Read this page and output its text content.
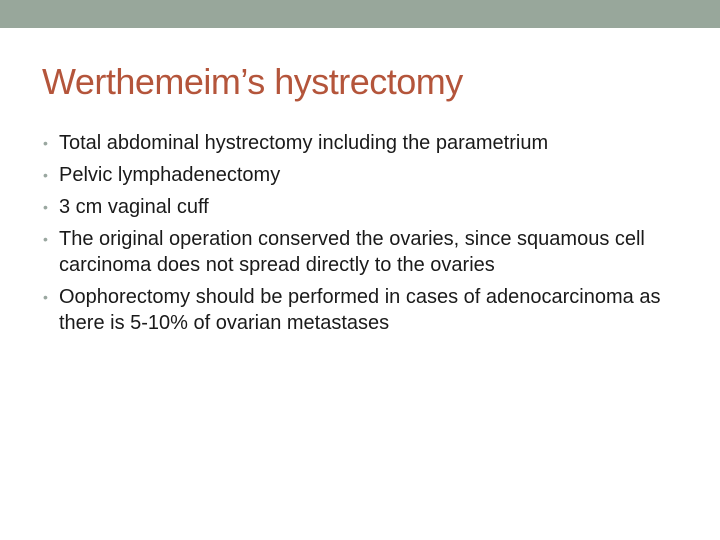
Werthemeim’s hystrectomy
• Total abdominal hystrectomy including the parametrium
• Pelvic lymphadenectomy
• 3 cm vaginal cuff
• The original operation conserved the ovaries, since squamous cell carcinoma does not spread directly to the ovaries
• Oophorectomy should be performed in cases of adenocarcinoma as there is 5-10% of ovarian metastases
